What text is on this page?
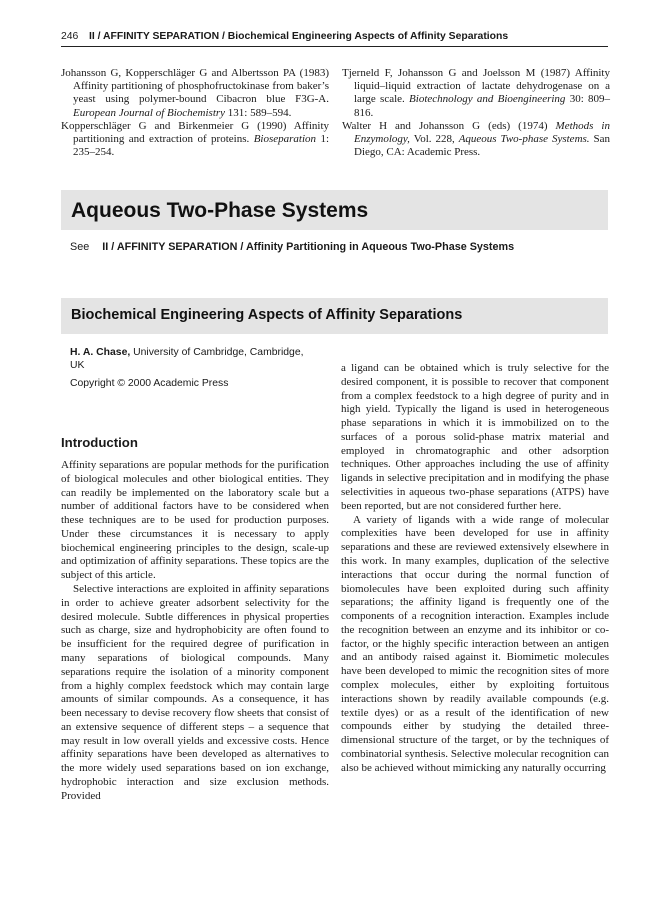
246 II / AFFINITY SEPARATION / Biochemical Engineering Aspects of Affinity Separations

Johansson G, Kopperschläger G and Albertsson PA (1983) Affinity partitioning of phosphofructokinase from baker’s yeast using polymer-bound Cibacron blue F3G-A. European Journal of Biochemistry 131: 589–594.

Kopperschläger G and Birkenmeier G (1990) Affinity partitioning and extraction of proteins. Bioseparation 1: 235–254.

Tjerneld F, Johansson G and Joelsson M (1987) Affinity liquid–liquid extraction of lactate dehydrogenase on a large scale. Biotechnology and Bioengineering 30: 809–816.

Walter H and Johansson G (eds) (1974) Methods in Enzymology, Vol. 228, Aqueous Two-phase Systems. San Diego, CA: Academic Press.

Aqueous Two-Phase Systems
See II / AFFINITY SEPARATION / Affinity Partitioning in Aqueous Two-Phase Systems
Biochemical Engineering Aspects of Affinity Separations
H. A. Chase, University of Cambridge, Cambridge, UK
Copyright © 2000 Academic Press
Introduction

Affinity separations are popular methods for the purification of biological molecules and other biological entities. They can readily be implemented on the laboratory scale but a number of additional factors have to be considered when these techniques are to be used for production purposes. Under these circumstances it is necessary to apply biochemical engineering principles to the design, scale-up and optimization of affinity separations. These topics are the subject of this article.

Selective interactions are exploited in affinity separations in order to achieve greater adsorbent selectivity for the desired molecule. Subtle differences in physical properties such as charge, size and hydrophobicity are often found to be insufficient for the required degree of purification in many separations of biological compounds. Many separations require the isolation of a minority component from a highly complex feedstock which may contain large amounts of similar compounds. As a consequence, it has been necessary to devise recovery flow sheets that consist of an extensive sequence of different steps – a sequence that may result in low overall yields and excessive costs. Hence affinity separations have been developed as alternatives to the more widely used separations based on ion exchange, hydrophobic interaction and size exclusion methods. Provided

a ligand can be obtained which is truly selective for the desired component, it is possible to recover that component from a complex feedstock to a high degree of purity and in high yield. Typically the ligand is used in heterogeneous phase separations in which it is immobilized on to the surfaces of a porous solid-phase matrix material and employed in chromatographic and other adsorption techniques. Other approaches including the use of affinity ligands in selective precipitation and in modifying the phase selectivities in aqueous two-phase separations (ATPS) have been reported, but are not considered further here.

A variety of ligands with a wide range of molecular complexities have been developed for use in affinity separations and these are reviewed extensively elsewhere in this work. In many examples, duplication of the selective interactions that occur during the normal function of biomolecules have been exploited during such affinity separations; the affinity ligand is frequently one of the components of a recognition interaction. Examples include the recognition between an enzyme and its inhibitor or co-factor, or the highly specific interaction between an antigen and an antibody raised against it. Biomimetic molecules have been developed to mimic the recognition sites of more complex molecules, either by exploiting fortuitous interactions shown by readily available compounds (e.g. textile dyes) or as a result of the identification of new compounds either by studying the detailed three-dimensional structure of the target, or by the techniques of combinatorial synthesis. Selective molecular recognition can also be achieved without mimicking any naturally occurring
